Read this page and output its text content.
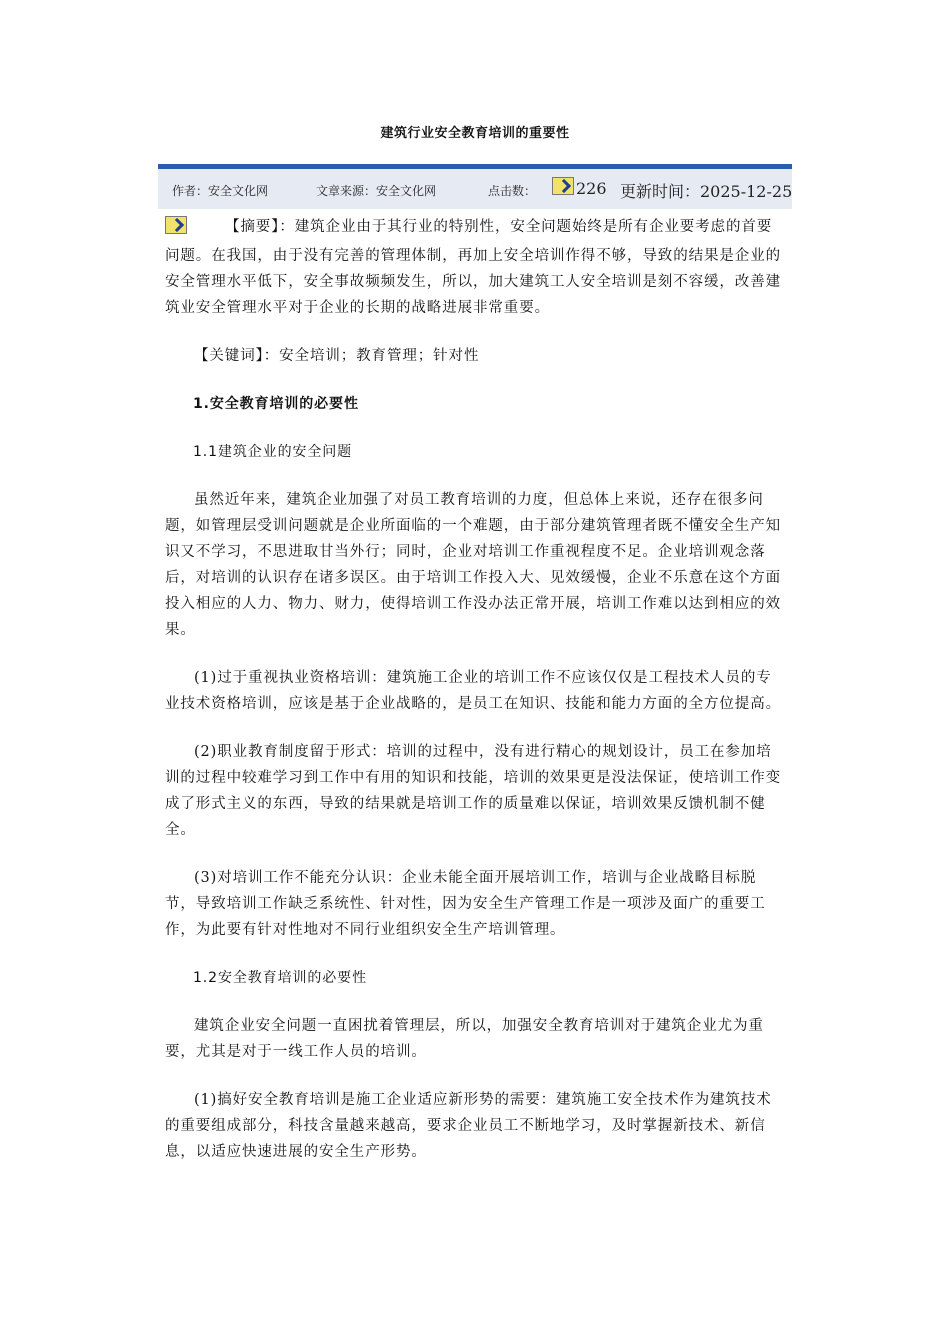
建筑行业安全教育培训的重要性
作者：安全文化网	文章来源：安全文化网	点击数： 226 更新时间：2025-12-25

【摘要】：建筑企业由于其行业的特别性，安全问题始终是所有企业要考虑的首要问题。在我国，由于没有完善的管理体制，再加上安全培训作得不够，导致的结果是企业的安全管理水平低下，安全事故频频发生，所以，加大建筑工人安全培训是刻不容缓，改善建筑业安全管理水平对于企业的长期的战略进展非常重要。

【关键词】：安全培训；教育管理；针对性

1.安全教育培训的必要性

1.1建筑企业的安全问题

虽然近年来，建筑企业加强了对员工教育培训的力度，但总体上来说，还存在很多问题，如管理层受训问题就是企业所面临的一个难题，由于部分建筑管理者既不懂安全生产知识又不学习，不思进取甘当外行；同时，企业对培训工作重视程度不足。企业培训观念落后，对培训的认识存在诸多误区。由于培训工作投入大、见效缓慢，企业不乐意在这个方面投入相应的人力、物力、财力，使得培训工作没办法正常开展，培训工作难以达到相应的效果。

(1)过于重视执业资格培训：建筑施工企业的培训工作不应该仅仅是工程技术人员的专业技术资格培训，应该是基于企业战略的，是员工在知识、技能和能力方面的全方位提高。

(2)职业教育制度留于形式：培训的过程中，没有进行精心的规划设计，员工在参加培训的过程中较难学习到工作中有用的知识和技能，培训的效果更是没法保证，使培训工作变成了形式主义的东西，导致的结果就是培训工作的质量难以保证，培训效果反馈机制不健全。

(3)对培训工作不能充分认识：企业未能全面开展培训工作，培训与企业战略目标脱节，导致培训工作缺乏系统性、针对性，因为安全生产管理工作是一项涉及面广的重要工作，为此要有针对性地对不同行业组织安全生产培训管理。

1.2安全教育培训的必要性

建筑企业安全问题一直困扰着管理层，所以，加强安全教育培训对于建筑企业尤为重要，尤其是对于一线工作人员的培训。

(1)搞好安全教育培训是施工企业适应新形势的需要：建筑施工安全技术作为建筑技术的重要组成部分，科技含量越来越高，要求企业员工不断地学习，及时掌握新技术、新信息，以适应快速进展的安全生产形势。
